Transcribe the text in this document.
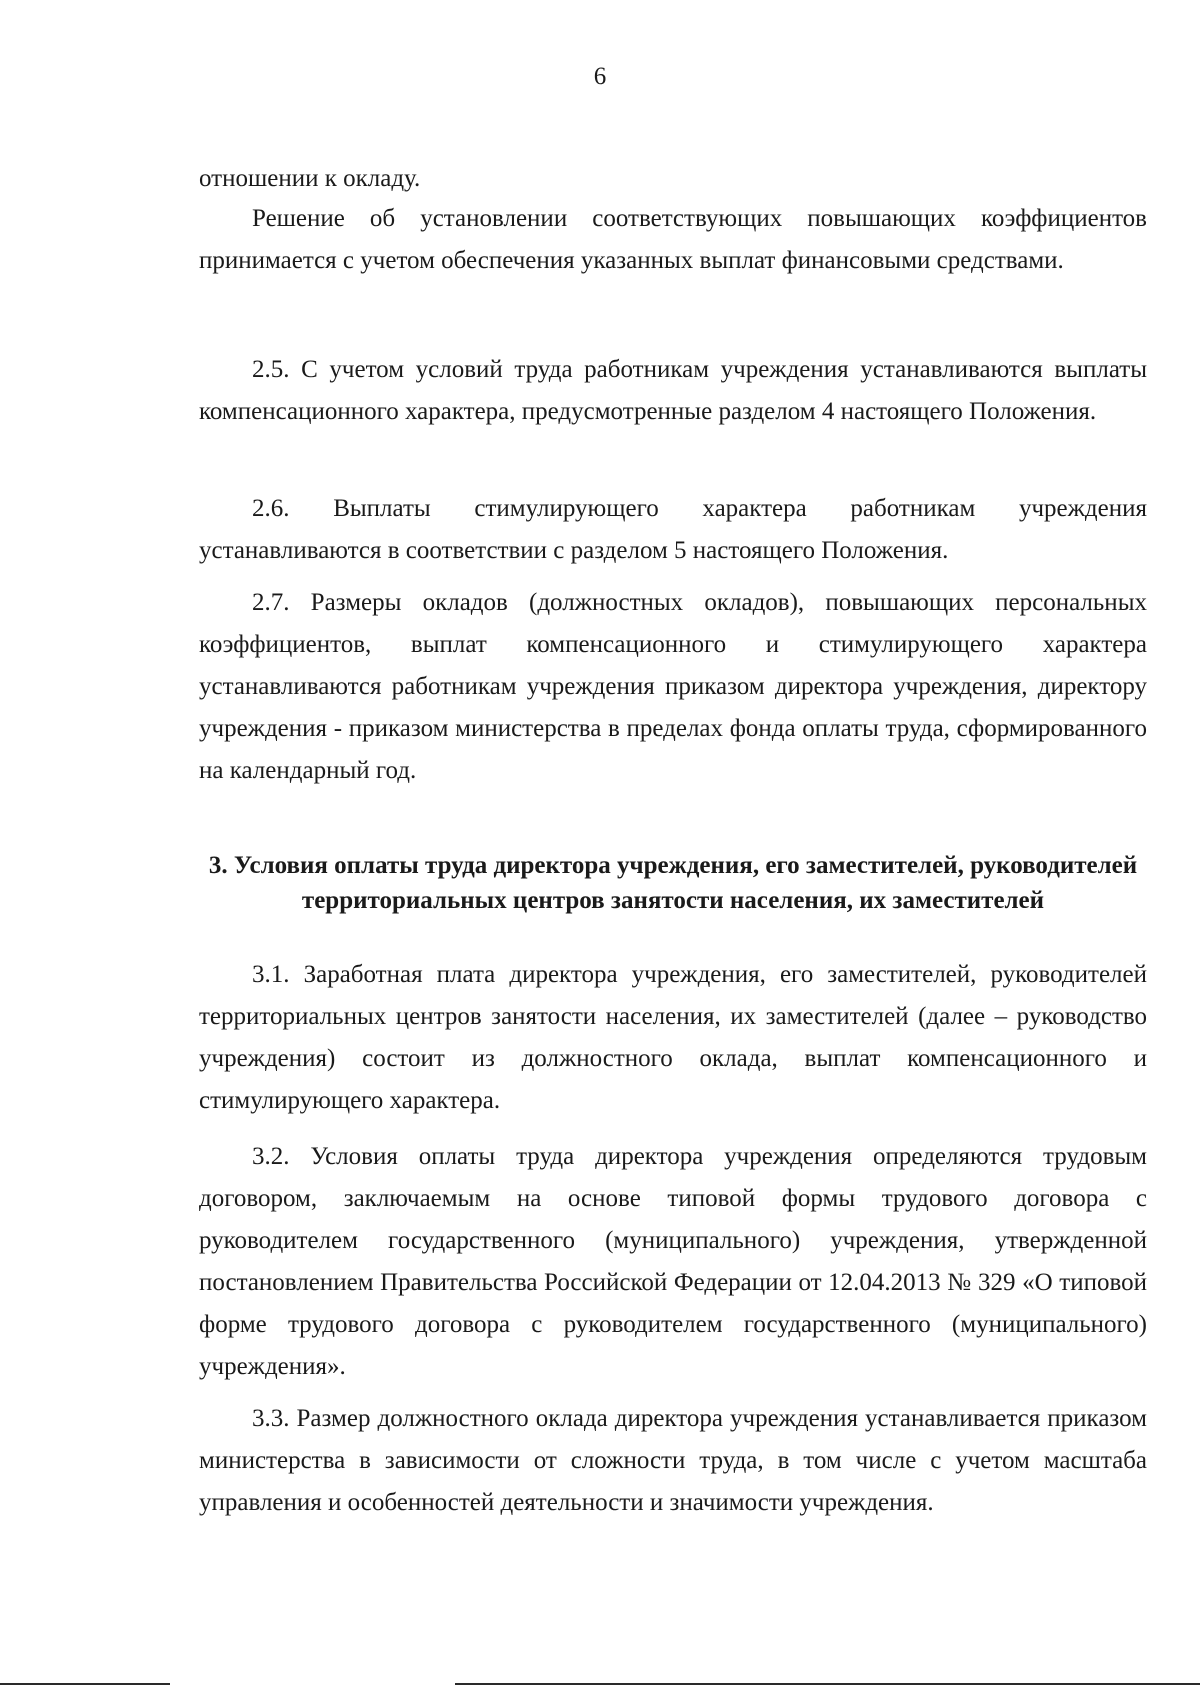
6

отношении к окладу.

Решение об установлении соответствующих повышающих коэффициентов принимается с учетом обеспечения указанных выплат финансовыми средствами.

2.5. С учетом условий труда работникам учреждения устанавливаются выплаты компенсационного характера, предусмотренные разделом 4 настоящего Положения.

2.6. Выплаты стимулирующего характера работникам учреждения устанавливаются в соответствии с разделом 5 настоящего Положения.

2.7. Размеры окладов (должностных окладов), повышающих персональных коэффициентов, выплат компенсационного и стимулирующего характера устанавливаются работникам учреждения приказом директора учреждения, директору учреждения - приказом министерства в пределах фонда оплаты труда, сформированного на календарный год.

3. Условия оплаты труда директора учреждения, его заместителей, руководителей территориальных центров занятости населения, их заместителей

3.1. Заработная плата директора учреждения, его заместителей, руководителей территориальных центров занятости населения, их заместителей (далее – руководство учреждения) состоит из должностного оклада, выплат компенсационного и стимулирующего характера.

3.2. Условия оплаты труда директора учреждения определяются трудовым договором, заключаемым на основе типовой формы трудового договора с руководителем государственного (муниципального) учреждения, утвержденной постановлением Правительства Российской Федерации от 12.04.2013 № 329 «О типовой форме трудового договора с руководителем государственного (муниципального) учреждения».

3.3. Размер должностного оклада директора учреждения устанавливается приказом министерства в зависимости от сложности труда, в том числе с учетом масштаба управления и особенностей деятельности и значимости учреждения.
